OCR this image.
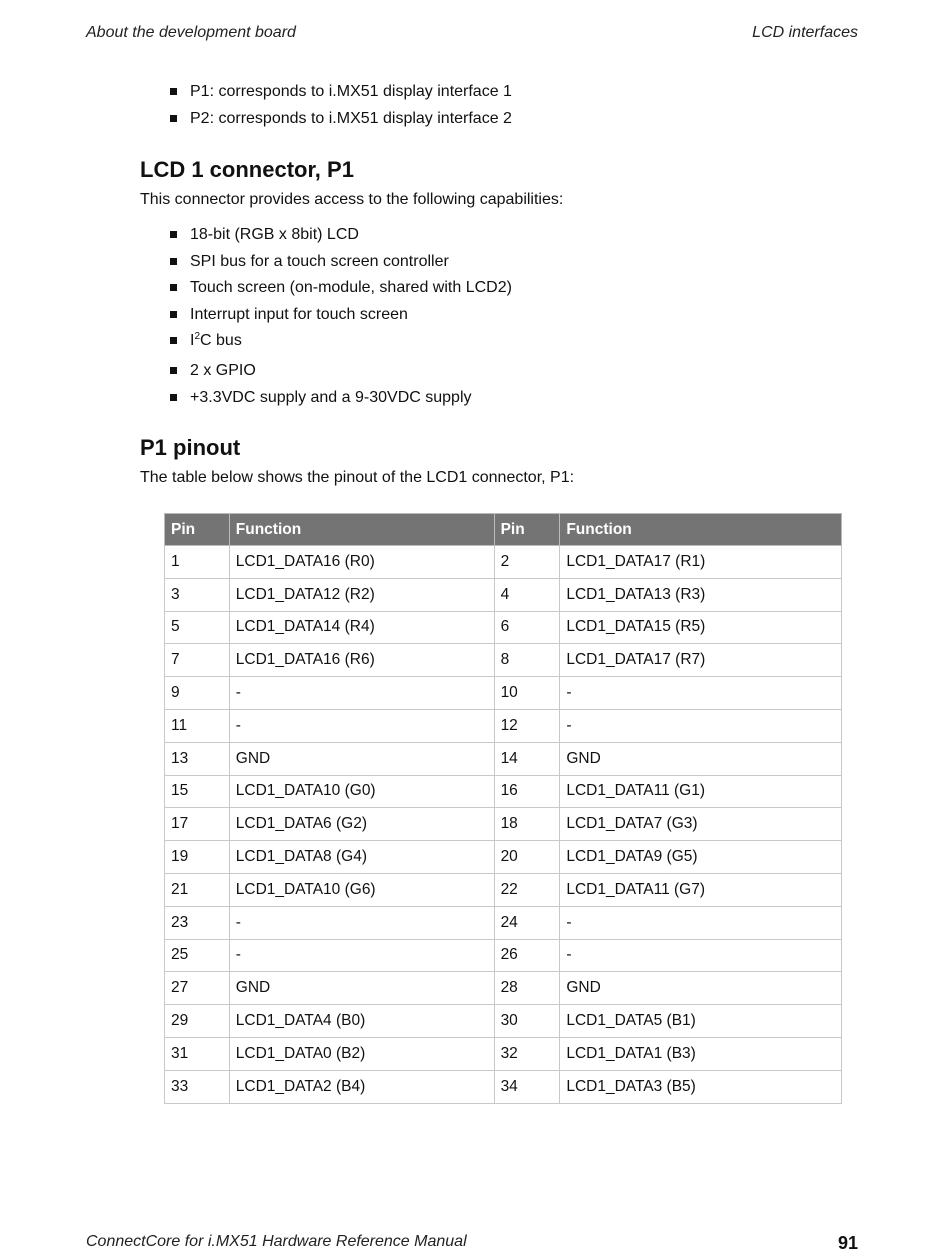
About the development board	LCD interfaces
P1: corresponds to i.MX51 display interface 1
P2: corresponds to i.MX51 display interface 2
LCD 1 connector, P1
This connector provides access to the following capabilities:
18-bit (RGB x 8bit) LCD
SPI bus for a touch screen controller
Touch screen (on-module, shared with LCD2)
Interrupt input for touch screen
$I^2C$ bus
2 x GPIO
+3.3VDC supply and a 9-30VDC supply
P1 pinout
The table below shows the pinout of the LCD1 connector, P1:
Pin	Function	Pin	Function
1	LCD1_DATA16 (R0)	2	LCD1_DATA17 (R1)
3	LCD1_DATA12 (R2)	4	LCD1_DATA13 (R3)
5	LCD1_DATA14 (R4)	6	LCD1_DATA15 (R5)
7	LCD1_DATA16 (R6)	8	LCD1_DATA17 (R7)
9	-	10	-
11	-	12	-
13	GND	14	GND
15	LCD1_DATA10 (G0)	16	LCD1_DATA11 (G1)
17	LCD1_DATA6 (G2)	18	LCD1_DATA7 (G3)
19	LCD1_DATA8 (G4)	20	LCD1_DATA9 (G5)
21	LCD1_DATA10 (G6)	22	LCD1_DATA11 (G7)
23	-	24	-
25	-	26	-
27	GND	28	GND
29	LCD1_DATA4 (B0)	30	LCD1_DATA5 (B1)
31	LCD1_DATA0 (B2)	32	LCD1_DATA1 (B3)
33	LCD1_DATA2 (B4)	34	LCD1_DATA3 (B5)
ConnectCore for i.MX51 Hardware Reference Manual	91
